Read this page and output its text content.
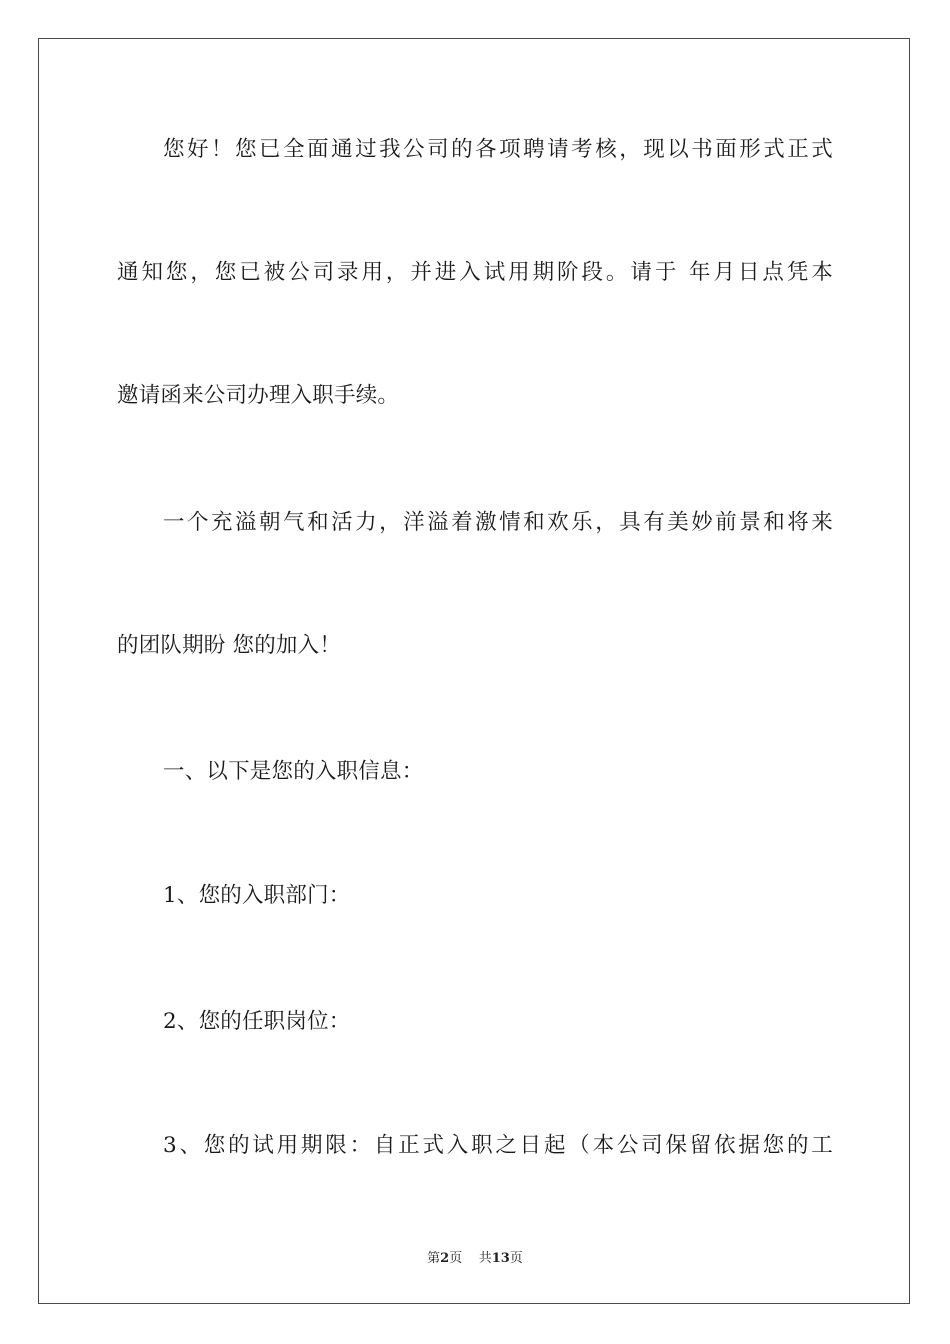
您好！您已全面通过我公司的各项聘请考核，现以书面形式正式
通知您，您已被公司录用，并进入试用期阶段。请于 年月日点凭本
邀请函来公司办理入职手续。
一个充溢朝气和活力，洋溢着激情和欢乐，具有美妙前景和将来
的团队期盼 您的加入！
一、以下是您的入职信息：
1、您的入职部门：
2、您的任职岗位：
3、您的试用期限：自正式入职之日起（本公司保留依据您的工
第2页 共13页
